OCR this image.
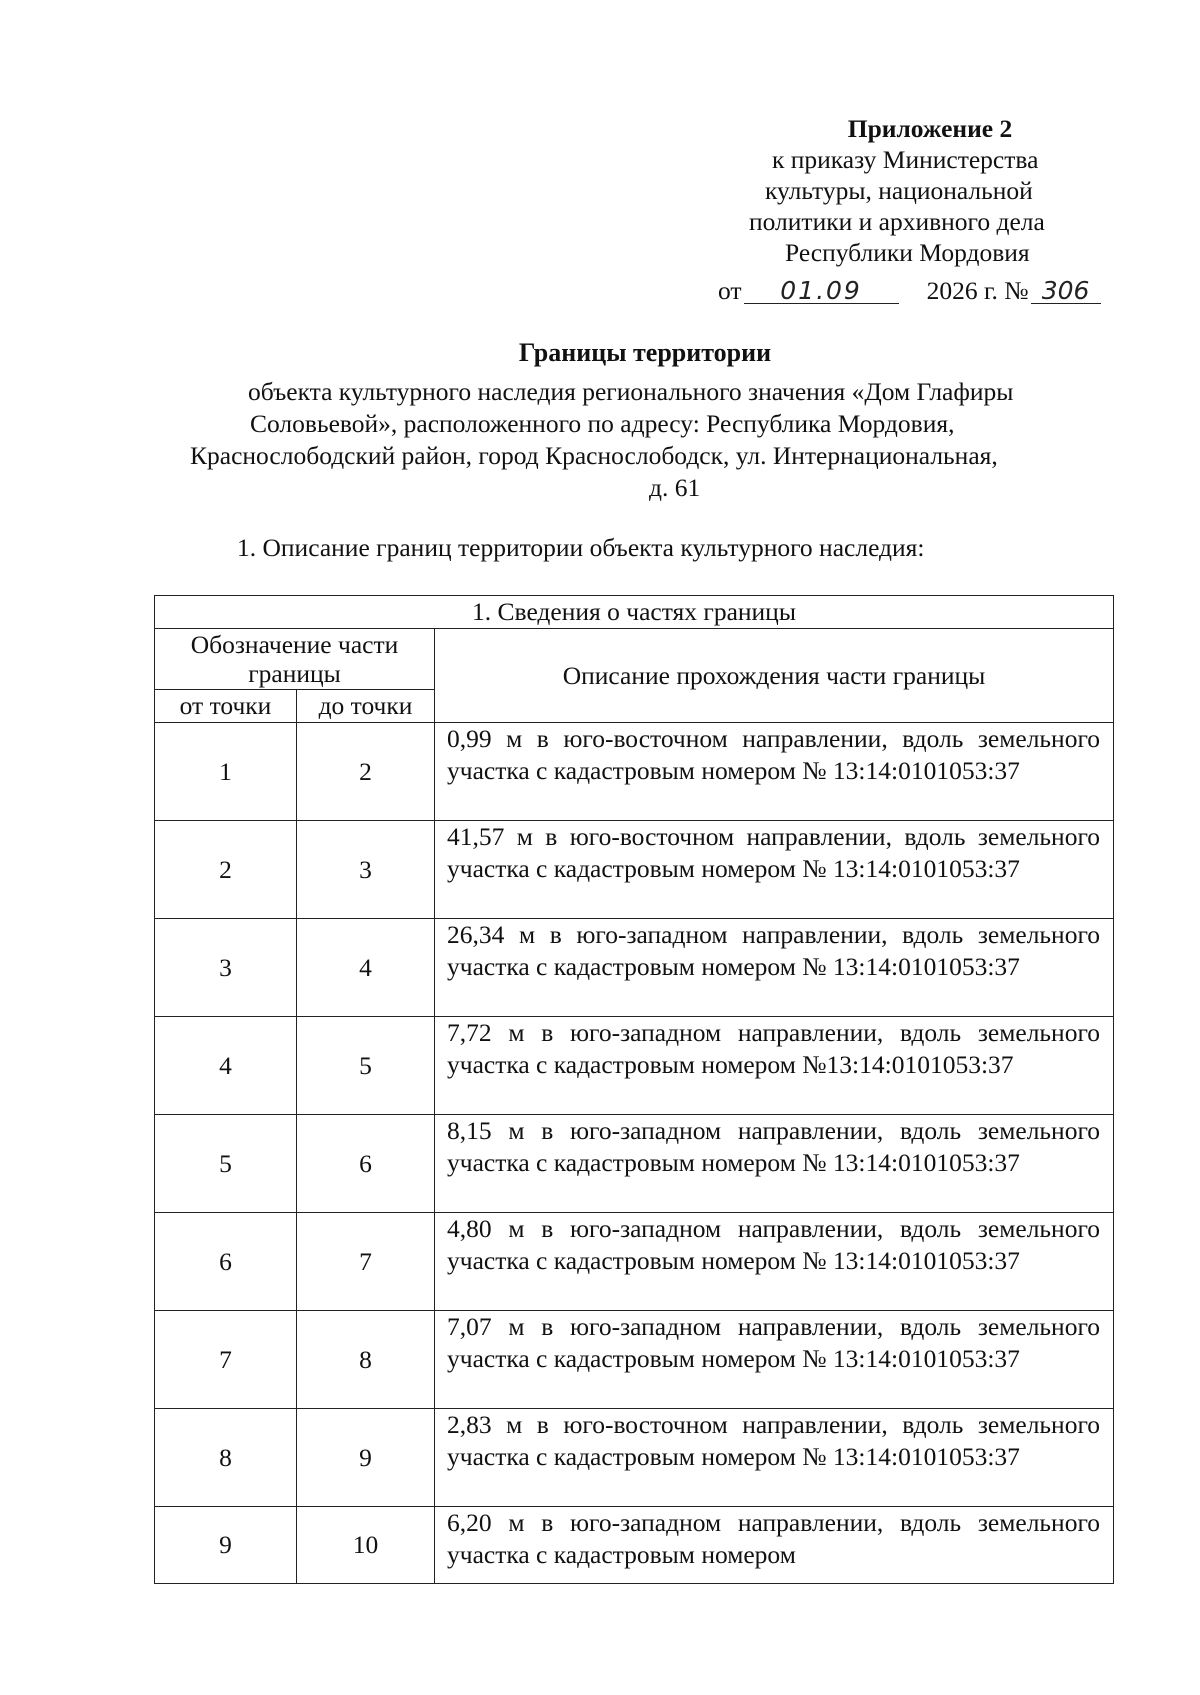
Приложение 2
к приказу Министерства
культуры, национальной
политики и архивного дела
Республики Мордовия
от 01.09	2026 г. № 306
Границы территории
объекта культурного наследия регионального значения «Дом Глафиры
Соловьевой», расположенного по адресу: Республика Мордовия,
Краснослободский район, город Краснослободск, ул. Интернациональная,
д. 61
1. Описание границ территории объекта культурного наследия:
1. Сведения о частях границы		
Обозначение части границы		Описание прохождения части границы
от точки	до точки	
1	2	0,99 м в юго-восточном направлении, вдоль земельного участка с кадастровым номером № 13:14:0101053:37
2	3	41,57 м в юго-восточном направлении, вдоль земельного участка с кадастровым номером № 13:14:0101053:37
3	4	26,34 м в юго-западном направлении, вдоль земельного участка с кадастровым номером № 13:14:0101053:37
4	5	7,72 м в юго-западном направлении, вдоль земельного участка с кадастровым номером №13:14:0101053:37
5	6	8,15 м в юго-западном направлении, вдоль земельного участка с кадастровым номером № 13:14:0101053:37
6	7	4,80 м в юго-западном направлении, вдоль земельного участка с кадастровым номером № 13:14:0101053:37
7	8	7,07 м в юго-западном направлении, вдоль земельного участка с кадастровым номером № 13:14:0101053:37
8	9	2,83 м в юго-восточном направлении, вдоль земельного участка с кадастровым номером № 13:14:0101053:37
9	10	6,20 м в юго-западном направлении, вдоль земельного участка с кадастровым номером
